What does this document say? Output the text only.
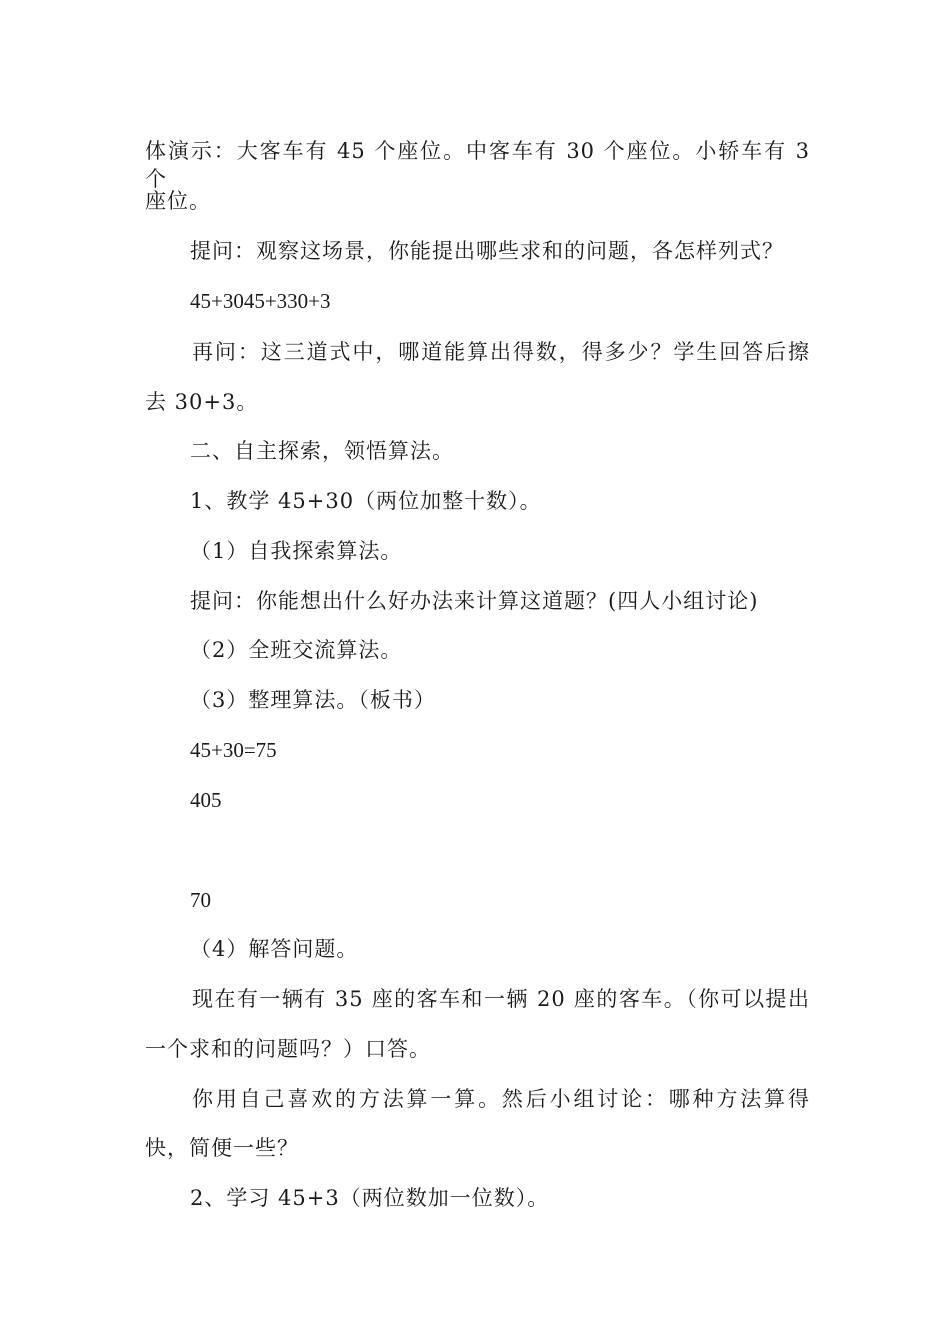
体演示：大客车有 45 个座位。中客车有 30 个座位。小轿车有 3 个
座位。
提问：观察这场景，你能提出哪些求和的问题，各怎样列式？
45+3045+330+3
再问：这三道式中，哪道能算出得数，得多少？学生回答后擦
去 30+3。
二、自主探索，领悟算法。
1、教学 45+30（两位加整十数）。
（1）自我探索算法。
提问：你能想出什么好办法来计算这道题？(四人小组讨论)
（2）全班交流算法。
（3）整理算法。（板书）
45+30=75
405
70
（4）解答问题。
现在有一辆有 35 座的客车和一辆 20 座的客车。（你可以提出
一个求和的问题吗？）口答。
你用自己喜欢的方法算一算。然后小组讨论：哪种方法算得
快，简便一些？
2、学习 45+3（两位数加一位数）。
